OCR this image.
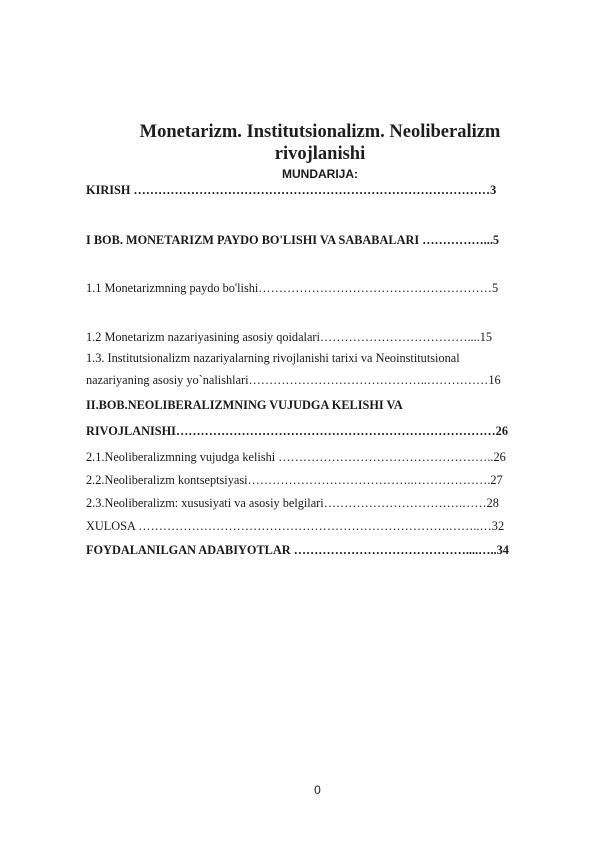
Monetarizm. Institutsionalizm. Neoliberalizm
rivojlanishi
MUNDARIJA:
KIRISH ……………………………………………………………………………3
I BOB. MONETARIZM PAYDO BO'LISHI VA SABABALARI ……………...5
1.1 Monetarizmning paydo bo'lishi…………………………………………………5
1.2 Monetarizm nazariyasining asosiy qoidalari………………………………....15
1.3. Institutsionalizm nazariyalarning rivojlanishi tarixi va Neoinstitutsional
nazariyaning asosiy yo`nalishlari……………………………………..……………16
II.BOB.NEOLIBERALIZMNING VUJUDGA KELISHI VA
RIVOJLANISHI……………………………………………………………………26
2.1.Neoliberalizmning vujudga kelishi ……………………………………………..26
2.2.Neoliberalizm kontseptsiyasi…………………………………..……………….27
2.3.Neoliberalizm: xususiyati va asosiy belgilari…………………………….……28
XULOSA ………………………………………………………………….……..…32
FOYDALANILGAN ADABIYOTLAR ……………………………………....…..34
0
